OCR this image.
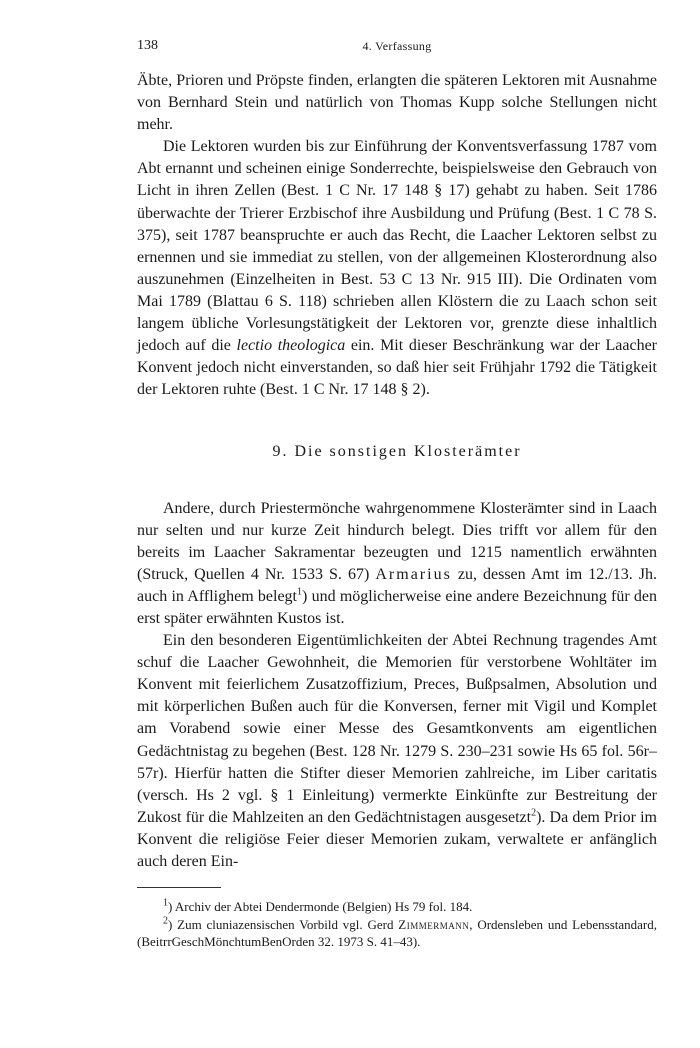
138	4. Verfassung

Äbte, Prioren und Pröpste finden, erlangten die späteren Lektoren mit Ausnahme von Bernhard Stein und natürlich von Thomas Kupp solche Stellungen nicht mehr.

Die Lektoren wurden bis zur Einführung der Konventsverfassung 1787 vom Abt ernannt und scheinen einige Sonderrechte, beispielsweise den Gebrauch von Licht in ihren Zellen (Best. 1 C Nr. 17 148 § 17) gehabt zu haben. Seit 1786 überwachte der Trierer Erzbischof ihre Ausbildung und Prüfung (Best. 1 C 78 S. 375), seit 1787 beanspruchte er auch das Recht, die Laacher Lektoren selbst zu ernennen und sie immediat zu stellen, von der allgemeinen Klosterordnung also auszunehmen (Einzelheiten in Best. 53 C 13 Nr. 915 III). Die Ordinaten vom Mai 1789 (Blattau 6 S. 118) schrieben allen Klöstern die zu Laach schon seit langem übliche Vorlesungstätigkeit der Lektoren vor, grenzte diese inhaltlich jedoch auf die lectio theologica ein. Mit dieser Beschränkung war der Laacher Konvent jedoch nicht einverstanden, so daß hier seit Frühjahr 1792 die Tätigkeit der Lektoren ruhte (Best. 1 C Nr. 17 148 § 2).

9. Die sonstigen Klosterämter

Andere, durch Priestermönche wahrgenommene Klosterämter sind in Laach nur selten und nur kurze Zeit hindurch belegt. Dies trifft vor allem für den bereits im Laacher Sakramentar bezeugten und 1215 namentlich erwähnten (Struck, Quellen 4 Nr. 1533 S. 67) Armarius zu, dessen Amt im 12./13. Jh. auch in Afflighem belegt$^1$) und möglicherweise eine andere Bezeichnung für den erst später erwähnten Kustos ist.

Ein den besonderen Eigentümlichkeiten der Abtei Rechnung tragendes Amt schuf die Laacher Gewohnheit, die Memorien für verstorbene Wohltäter im Konvent mit feierlichem Zusatzoffizium, Preces, Bußpsalmen, Absolution und mit körperlichen Bußen auch für die Konversen, ferner mit Vigil und Komplet am Vorabend sowie einer Messe des Gesamtkonvents am eigentlichen Gedächtnistag zu begehen (Best. 128 Nr. 1279 S. 230–231 sowie Hs 65 fol. 56r–57r). Hierfür hatten die Stifter dieser Memorien zahlreiche, im Liber caritatis (versch. Hs 2 vgl. § 1 Einleitung) vermerkte Einkünfte zur Bestreitung der Zukost für die Mahlzeiten an den Gedächtnistagen ausgesetzt$^2$). Da dem Prior im Konvent die religiöse Feier dieser Memorien zukam, verwaltete er anfänglich auch deren Ein-

$^1$) Archiv der Abtei Dendermonde (Belgien) Hs 79 fol. 184.

$^2$) Zum cluniazensischen Vorbild vgl. Gerd Zimmermann, Ordensleben und Lebensstandard, (BeitrrGeschMönchtumBenOrden 32. 1973 S. 41–43).
